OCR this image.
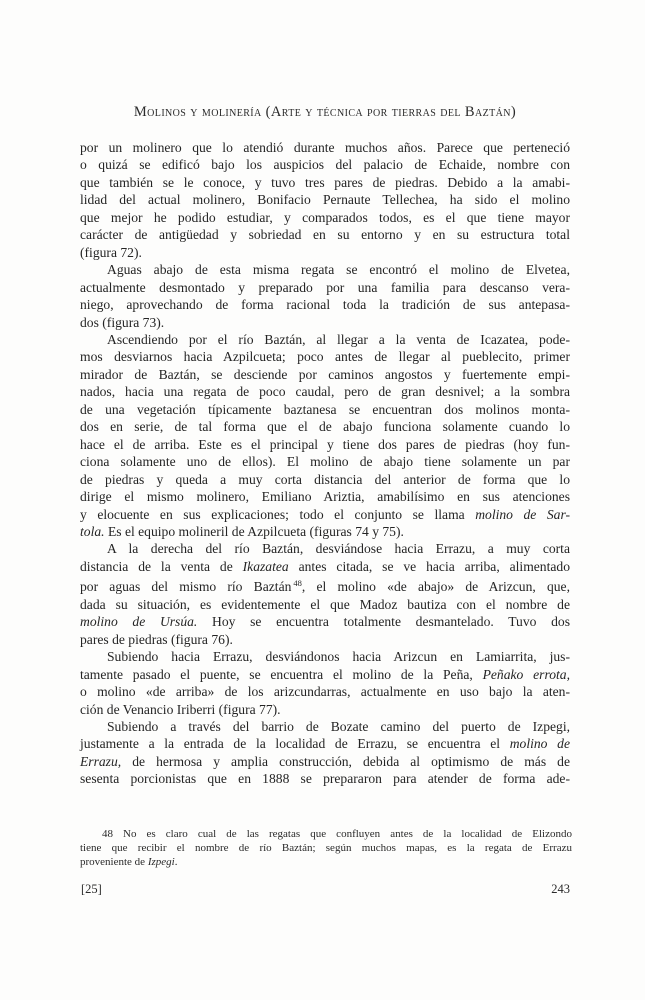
Molinos y molinería (Arte y técnica por tierras del Baztán)
por un molinero que lo atendió durante muchos años. Parece que perteneció
o quizá se edificó bajo los auspicios del palacio de Echaide, nombre con
que también se le conoce, y tuvo tres pares de piedras. Debido a la amabi-
lidad del actual molinero, Bonifacio Pernaute Tellechea, ha sido el molino
que mejor he podido estudiar, y comparados todos, es el que tiene mayor
carácter de antigüedad y sobriedad en su entorno y en su estructura total
(figura 72).
Aguas abajo de esta misma regata se encontró el molino de Elvetea,
actualmente desmontado y preparado por una familia para descanso vera-
niego, aprovechando de forma racional toda la tradición de sus antepasa-
dos (figura 73).
Ascendiendo por el río Baztán, al llegar a la venta de Icazatea, pode-
mos desviarnos hacia Azpilcueta; poco antes de llegar al pueblecito, primer
mirador de Baztán, se desciende por caminos angostos y fuertemente empi-
nados, hacia una regata de poco caudal, pero de gran desnivel; a la sombra
de una vegetación típicamente baztanesa se encuentran dos molinos monta-
dos en serie, de tal forma que el de abajo funciona solamente cuando lo
hace el de arriba. Este es el principal y tiene dos pares de piedras (hoy fun-
ciona solamente uno de ellos). El molino de abajo tiene solamente un par
de piedras y queda a muy corta distancia del anterior de forma que lo
dirige el mismo molinero, Emiliano Ariztia, amabilísimo en sus atenciones
y elocuente en sus explicaciones; todo el conjunto se llama molino de Sar-
tola. Es el equipo molineril de Azpilcueta (figuras 74 y 75).
A la derecha del río Baztán, desviándose hacia Errazu, a muy corta
distancia de la venta de Ikazatea antes citada, se ve hacia arriba, alimentado
por aguas del mismo río Baztán $^{48}$, el molino «de abajo» de Arizcun, que,
dada su situación, es evidentemente el que Madoz bautiza con el nombre de
molino de Ursúa. Hoy se encuentra totalmente desmantelado. Tuvo dos
pares de piedras (figura 76).
Subiendo hacia Errazu, desviándonos hacia Arizcun en Lamiarrita, jus-
tamente pasado el puente, se encuentra el molino de la Peña, Peñako errota,
o molino «de arriba» de los arizcundarras, actualmente en uso bajo la aten-
ción de Venancio Iriberri (figura 77).
Subiendo a través del barrio de Bozate camino del puerto de Izpegi,
justamente a la entrada de la localidad de Errazu, se encuentra el molino de
Errazu, de hermosa y amplia construcción, debida al optimismo de más de
sesenta porcionistas que en 1888 se prepararon para atender de forma ade-
48 No es claro cual de las regatas que confluyen antes de la localidad de Elizondo
tiene que recibir el nombre de río Baztán; según muchos mapas, es la regata de Errazu
proveniente de Izpegi.
[25]	243
